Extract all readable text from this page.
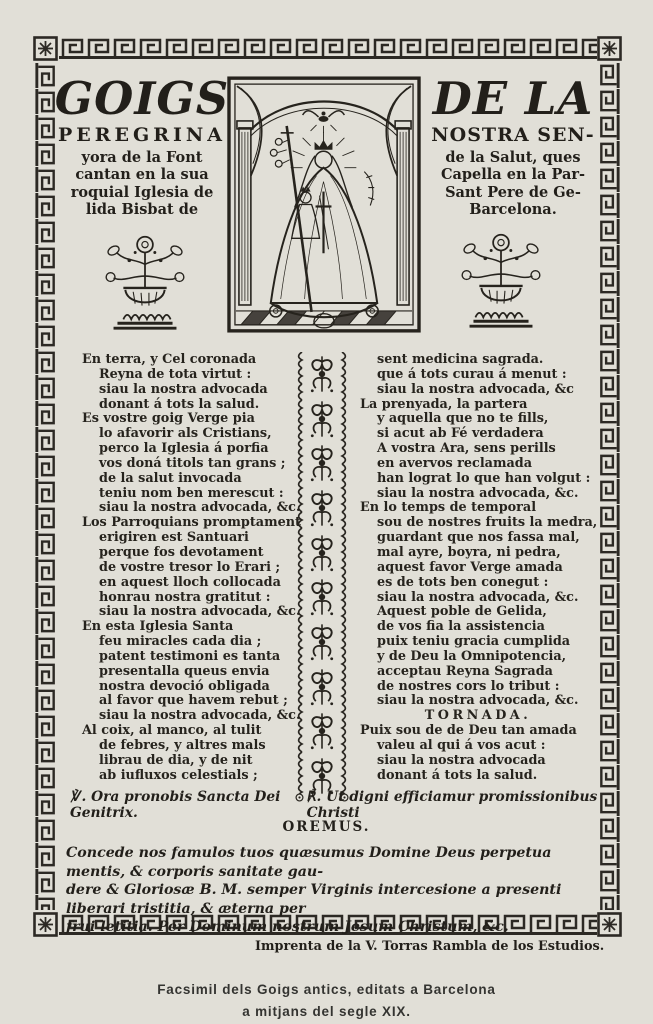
GOIGS
PEREGRINA
yora de la Font
cantan en la sua
roquial Iglesia de
lida Bisbat de
DE LA
NOSTRA SEN-
de la Salut, ques
Capella en la Par-
Sant Pere de Ge-
Barcelona.
En terra, y Cel coronada
Reyna de tota virtut :
siau la nostra advocada
donant á tots la salud.
Es vostre goig Verge pia
lo afavorir als Cristians,
perco la Iglesia á porfia
vos doná titols tan grans ;
de la salut invocada
teniu nom ben merescut :
siau la nostra advocada, &c.
Los Parroquians promptament
erigiren est Santuari
perque fos devotament
de vostre tresor lo Erari ;
en aquest lloch collocada
honrau nostra gratitut :
siau la nostra advocada, &c.
En esta Iglesia Santa
feu miracles cada dia ;
patent testimoni es tanta
presentalla queus envia
nostra devoció obligada
al favor que havem rebut ;
siau la nostra advocada, &c.
Al coix, al manco, al tulit
de febres, y altres mals
librau de dia, y de nit
ab iufluxos celestials ;
sent medicina sagrada.
que á tots curau á menut :
siau la nostra advocada, &c
La prenyada, la partera
y aquella que no te fills,
si acut ab Fé verdadera
A vostra Ara, sens perills
en avervos reclamada
han lograt lo que han volgut :
siau la nostra advocada, &c.
En lo temps de temporal
sou de nostres fruits la medra,
guardant que nos fassa mal,
mal ayre, boyra, ni pedra,
aquest favor Verge amada
es de tots ben conegut :
siau la nostra advocada, &c.
Aquest poble de Gelida,
de vos fia la assistencia
puix teniu gracia cumplida
y de Deu la Omnipotencia,
acceptau Reyna Sagrada
de nostres cors lo tribut :
siau la nostra advocada, &c.
TORNADA.
Puix sou de de Deu tan amada
valeu al qui á vos acut :
siau la nostra advocada
donant á tots la salud.
℣. Ora pronobis Sancta Dei Genitrix.
℟. Ut digni efficiamur promissionibus Christi
OREMUS.
Concede nos famulos tuos quæsumus Domine Deus perpetua mentis, & corporis sanitate gau-
dere & Gloriosæ B. M. semper Virginis intercesione a presenti liberari tristitia, & æterna per
frui letitia. Per Dominum nostrum Jesum Christum, &c.
Imprenta de la V. Torras Rambla de los Estudios.
Facsimil dels Goigs antics, editats a Barcelona
a mitjans del segle XIX.
